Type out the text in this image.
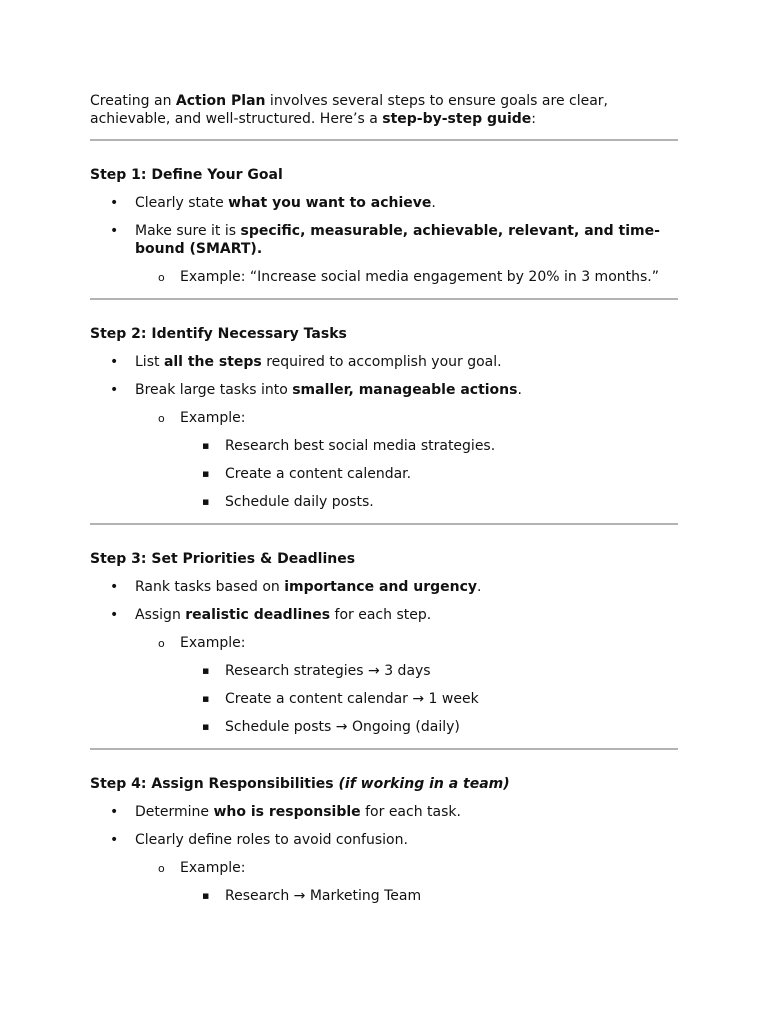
Creating an Action Plan involves several steps to ensure goals are clear, achievable, and well-structured. Here’s a step-by-step guide:

Step 1: Define Your Goal

• Clearly state what you want to achieve.
• Make sure it is specific, measurable, achievable, relevant, and time-bound (SMART).
o Example: “Increase social media engagement by 20% in 3 months.”

Step 2: Identify Necessary Tasks

• List all the steps required to accomplish your goal.
• Break large tasks into smaller, manageable actions.
o Example:
▪ Research best social media strategies.
▪ Create a content calendar.
▪ Schedule daily posts.

Step 3: Set Priorities & Deadlines

• Rank tasks based on importance and urgency.
• Assign realistic deadlines for each step.
o Example:
▪ Research strategies → 3 days
▪ Create a content calendar → 1 week
▪ Schedule posts → Ongoing (daily)

Step 4: Assign Responsibilities (if working in a team)

• Determine who is responsible for each task.
• Clearly define roles to avoid confusion.
o Example:
▪ Research → Marketing Team
